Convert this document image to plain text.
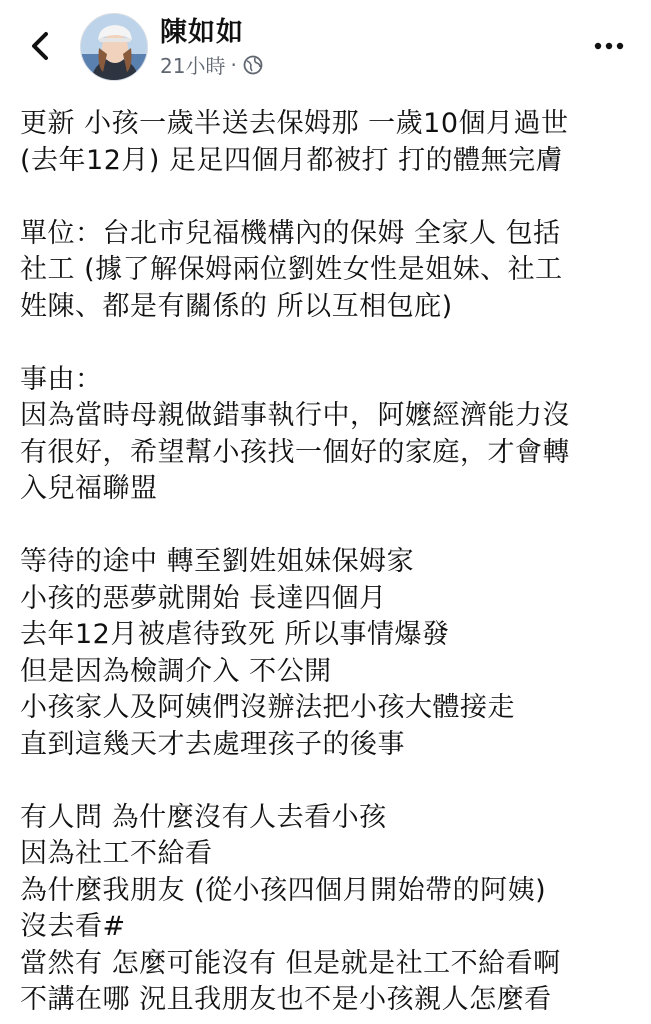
陳如如
21小時 ·
更新 小孩一歲半送去保姆那 一歲10個月過世
(去年12月) 足足四個月都被打 打的體無完膚
單位：台北市兒福機構內的保姆 全家人 包括
社工 (據了解保姆兩位劉姓女性是姐妹、社工
姓陳、都是有關係的 所以互相包庇)
事由：
因為當時母親做錯事執行中，阿嬤經濟能力沒
有很好，希望幫小孩找一個好的家庭，才會轉
入兒福聯盟
等待的途中 轉至劉姓姐妹保姆家
小孩的惡夢就開始 長達四個月
去年12月被虐待致死 所以事情爆發
但是因為檢調介入 不公開
小孩家人及阿姨們沒辦法把小孩大體接走
直到這幾天才去處理孩子的後事
有人問 為什麼沒有人去看小孩
因為社工不給看
為什麼我朋友 (從小孩四個月開始帶的阿姨)
沒去看#
當然有 怎麼可能沒有 但是就是社工不給看啊
不講在哪 況且我朋友也不是小孩親人怎麼看
